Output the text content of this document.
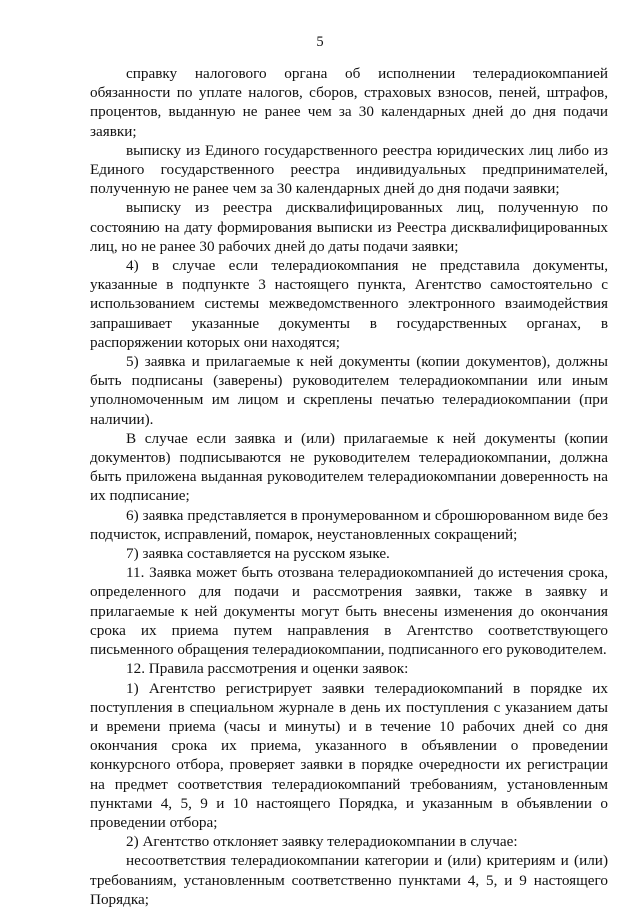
5

справку налогового органа об исполнении телерадиокомпанией обязанности по уплате налогов, сборов, страховых взносов, пеней, штрафов, процентов, выданную не ранее чем за 30 календарных дней до дня подачи заявки;

выписку из Единого государственного реестра юридических лиц либо из Единого государственного реестра индивидуальных предпринимателей, полученную не ранее чем за 30 календарных дней до дня подачи заявки;

выписку из реестра дисквалифицированных лиц, полученную по состоянию на дату формирования выписки из Реестра дисквалифицированных лиц, но не ранее 30 рабочих дней до даты подачи заявки;

4) в случае если телерадиокомпания не представила документы, указанные в подпункте 3 настоящего пункта, Агентство самостоятельно с использованием системы межведомственного электронного взаимодействия запрашивает указанные документы в государственных органах, в распоряжении которых они находятся;

5) заявка и прилагаемые к ней документы (копии документов), должны быть подписаны (заверены) руководителем телерадиокомпании или иным уполномоченным им лицом и скреплены печатью телерадиокомпании (при наличии).

В случае если заявка и (или) прилагаемые к ней документы (копии документов) подписываются не руководителем телерадиокомпании, должна быть приложена выданная руководителем телерадиокомпании доверенность на их подписание;

6) заявка представляется в пронумерованном и сброшюрованном виде без подчисток, исправлений, помарок, неустановленных сокращений;

7) заявка составляется на русском языке.

11. Заявка может быть отозвана телерадиокомпанией до истечения срока, определенного для подачи и рассмотрения заявки, также в заявку и прилагаемые к ней документы могут быть внесены изменения до окончания срока их приема путем направления в Агентство соответствующего письменного обращения телерадиокомпании, подписанного его руководителем.

12. Правила рассмотрения и оценки заявок:

1) Агентство регистрирует заявки телерадиокомпаний в порядке их поступления в специальном журнале в день их поступления с указанием даты и времени приема (часы и минуты) и в течение 10 рабочих дней со дня окончания срока их приема, указанного в объявлении о проведении конкурсного отбора, проверяет заявки в порядке очередности их регистрации на предмет соответствия телерадиокомпаний требованиям, установленным пунктами 4, 5, 9 и 10 настоящего Порядка, и указанным в объявлении о проведении отбора;

2) Агентство отклоняет заявку телерадиокомпании в случае:

несоответствия телерадиокомпании категории и (или) критериям и (или) требованиям, установленным соответственно пунктами 4, 5, и 9 настоящего Порядка;
